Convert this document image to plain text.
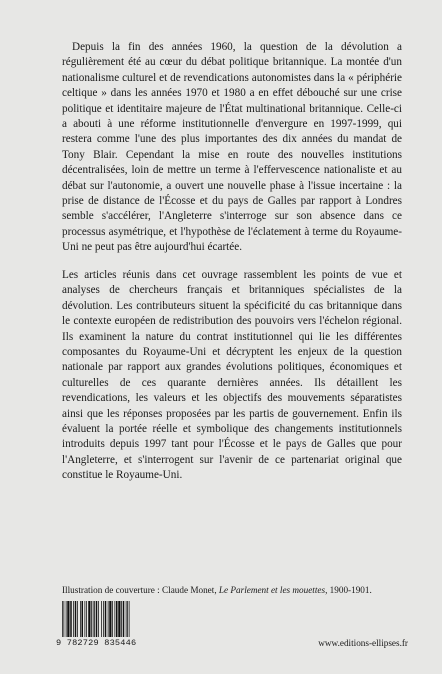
Depuis la fin des années 1960, la question de la dévolution a régulièrement été au cœur du débat politique britannique. La montée d'un nationalisme culturel et de revendications autonomistes dans la « périphérie celtique » dans les années 1970 et 1980 a en effet débouché sur une crise politique et identitaire majeure de l'État multinational britannique. Celle-ci a abouti à une réforme institutionnelle d'envergure en 1997-1999, qui restera comme l'une des plus importantes des dix années du mandat de Tony Blair. Cependant la mise en route des nouvelles institutions décentralisées, loin de mettre un terme à l'effervescence nationaliste et au débat sur l'autonomie, a ouvert une nouvelle phase à l'issue incertaine : la prise de distance de l'Écosse et du pays de Galles par rapport à Londres semble s'accélérer, l'Angleterre s'interroge sur son absence dans ce processus asymétrique, et l'hypothèse de l'éclatement à terme du Royaume-Uni ne peut pas être aujourd'hui écartée.

Les articles réunis dans cet ouvrage rassemblent les points de vue et analyses de chercheurs français et britanniques spécialistes de la dévolution. Les contributeurs situent la spécificité du cas britannique dans le contexte européen de redistribution des pouvoirs vers l'échelon régional. Ils examinent la nature du contrat institutionnel qui lie les différentes composantes du Royaume-Uni et décryptent les enjeux de la question nationale par rapport aux grandes évolutions politiques, économiques et culturelles de ces quarante dernières années. Ils détaillent les revendications, les valeurs et les objectifs des mouvements séparatistes ainsi que les réponses proposées par les partis de gouvernement. Enfin ils évaluent la portée réelle et symbolique des changements institutionnels introduits depuis 1997 tant pour l'Écosse et le pays de Galles que pour l'Angleterre, et s'interrogent sur l'avenir de ce partenariat original que constitue le Royaume-Uni.

Illustration de couverture : Claude Monet, Le Parlement et les mouettes, 1900-1901.
9 782729 835446	www.editions-ellipses.fr
